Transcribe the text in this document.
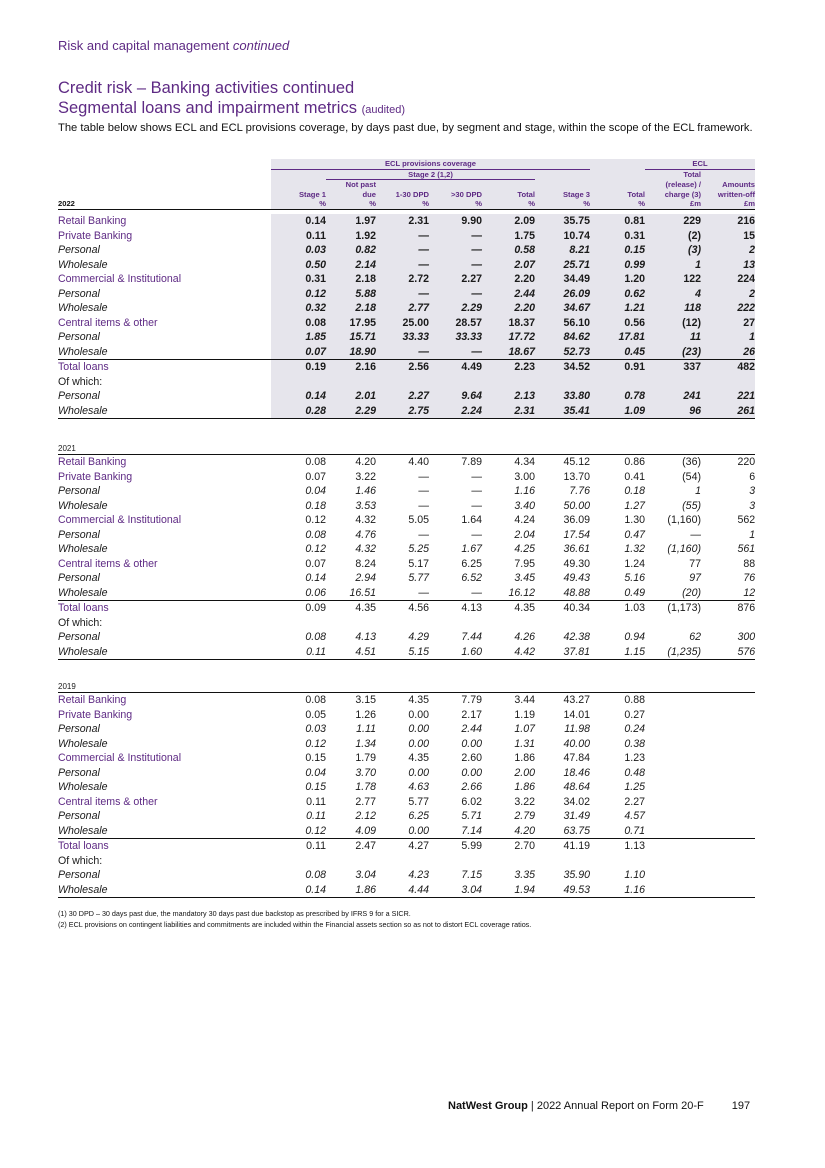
Risk and capital management continued
Credit risk – Banking activities continued
Segmental loans and impairment metrics (audited)
The table below shows ECL and ECL provisions coverage, by days past due, by segment and stage, within the scope of the ECL framework.
	ECL provisions coverage							ECL	
		Stage 2 (1,2)						Total	
		Not past						(release) /	Amounts
	Stage 1	due	1-30 DPD	>30 DPD	Total	Stage 3	Total	charge (3)	written-off
2022	%	%	%	%	%	%	%	£m	£m
Retail Banking	0.14	1.97	2.31	9.90	2.09	35.75	0.81	229	216
Private Banking	0.11	1.92	—	—	1.75	10.74	0.31	(2)	15
Personal	0.03	0.82	—	—	0.58	8.21	0.15	(3)	2
Wholesale	0.50	2.14	—	—	2.07	25.71	0.99	1	13
Commercial & Institutional	0.31	2.18	2.72	2.27	2.20	34.49	1.20	122	224
Personal	0.12	5.88	—	—	2.44	26.09	0.62	4	2
Wholesale	0.32	2.18	2.77	2.29	2.20	34.67	1.21	118	222
Central items & other	0.08	17.95	25.00	28.57	18.37	56.10	0.56	(12)	27
Personal	1.85	15.71	33.33	33.33	17.72	84.62	17.81	11	1
Wholesale	0.07	18.90	—	—	18.67	52.73	0.45	(23)	26
Total loans	0.19	2.16	2.56	4.49	2.23	34.52	0.91	337	482
Of which:									
Personal	0.14	2.01	2.27	9.64	2.13	33.80	0.78	241	221
Wholesale	0.28	2.29	2.75	2.24	2.31	35.41	1.09	96	261
2021									
Retail Banking	0.08	4.20	4.40	7.89	4.34	45.12	0.86	(36)	220
Private Banking	0.07	3.22	—	—	3.00	13.70	0.41	(54)	6
Personal	0.04	1.46	—	—	1.16	7.76	0.18	1	3
Wholesale	0.18	3.53	—	—	3.40	50.00	1.27	(55)	3
Commercial & Institutional	0.12	4.32	5.05	1.64	4.24	36.09	1.30	(1,160)	562
Personal	0.08	4.76	—	—	2.04	17.54	0.47	—	1
Wholesale	0.12	4.32	5.25	1.67	4.25	36.61	1.32	(1,160)	561
Central items & other	0.07	8.24	5.17	6.25	7.95	49.30	1.24	77	88
Personal	0.14	2.94	5.77	6.52	3.45	49.43	5.16	97	76
Wholesale	0.06	16.51	—	—	16.12	48.88	0.49	(20)	12
Total loans	0.09	4.35	4.56	4.13	4.35	40.34	1.03	(1,173)	876
Of which:									
Personal	0.08	4.13	4.29	7.44	4.26	42.38	0.94	62	300
Wholesale	0.11	4.51	5.15	1.60	4.42	37.81	1.15	(1,235)	576
2019									
Retail Banking	0.08	3.15	4.35	7.79	3.44	43.27	0.88		
Private Banking	0.05	1.26	0.00	2.17	1.19	14.01	0.27		
Personal	0.03	1.11	0.00	2.44	1.07	11.98	0.24		
Wholesale	0.12	1.34	0.00	0.00	1.31	40.00	0.38		
Commercial & Institutional	0.15	1.79	4.35	2.60	1.86	47.84	1.23		
Personal	0.04	3.70	0.00	0.00	2.00	18.46	0.48		
Wholesale	0.15	1.78	4.63	2.66	1.86	48.64	1.25		
Central items & other	0.11	2.77	5.77	6.02	3.22	34.02	2.27		
Personal	0.11	2.12	6.25	5.71	2.79	31.49	4.57		
Wholesale	0.12	4.09	0.00	7.14	4.20	63.75	0.71		
Total loans	0.11	2.47	4.27	5.99	2.70	41.19	1.13		
Of which:									
Personal	0.08	3.04	4.23	7.15	3.35	35.90	1.10		
Wholesale	0.14	1.86	4.44	3.04	1.94	49.53	1.16		
(1) 30 DPD – 30 days past due, the mandatory 30 days past due backstop as prescribed by IFRS 9 for a SICR.
(2) ECL provisions on contingent liabilities and commitments are included within the Financial assets section so as not to distort ECL coverage ratios.
NatWest Group | 2022 Annual Report on Form 20-F	197
